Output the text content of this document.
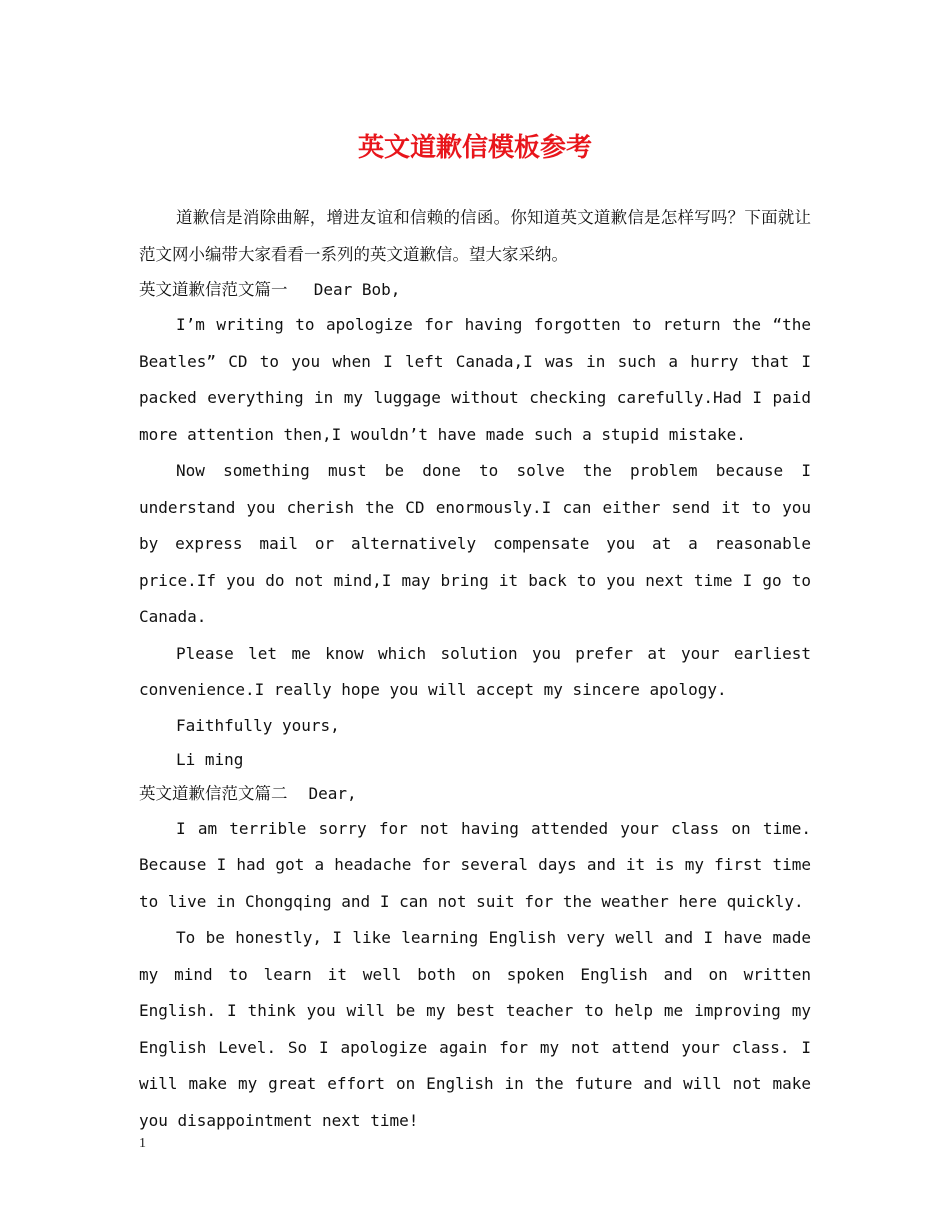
英文道歉信模板参考

道歉信是消除曲解，增进友谊和信赖的信函。你知道英文道歉信是怎样写吗？下面就让范文网小编带大家看看一系列的英文道歉信。望大家采纳。

英文道歉信范文篇一 Dear Bob,

I’m writing to apologize for having forgotten to return the “the Beatles” CD to you when I left Canada,I was in such a hurry that I packed everything in my luggage without checking carefully.Had I paid more attention then,I wouldn’t have made such a stupid mistake.

Now something must be done to solve the problem because I understand you cherish the CD enormously.I can either send it to you by express mail or alternatively compensate you at a reasonable price.If you do not mind,I may bring it back to you next time I go to Canada.

Please let me know which solution you prefer at your earliest convenience.I really hope you will accept my sincere apology.

Faithfully yours,

Li ming

英文道歉信范文篇二 Dear,

I am terrible sorry for not having attended your class on time. Because I had got a headache for several days and it is my first time to live in Chongqing and I can not suit for the weather here quickly.

To be honestly, I like learning English very well and I have made my mind to learn it well both on spoken English and on written English. I think you will be my best teacher to help me improving my English Level. So I apologize again for my not attend your class. I will make my great effort on English in the future and will not make you disappointment next time!

1
